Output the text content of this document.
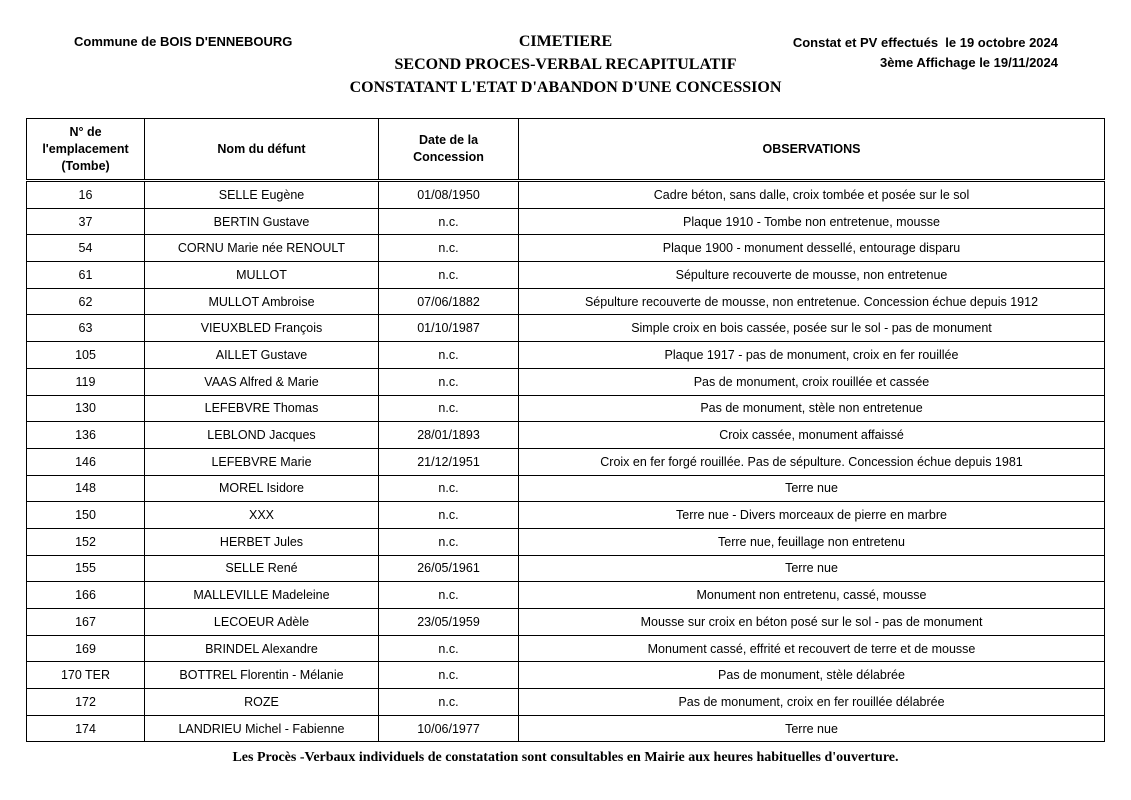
Commune de BOIS D'ENNEBOURG	CIMETIERE
SECOND PROCES-VERBAL RECAPITULATIF
CONSTATANT L'ETAT D'ABANDON D'UNE CONCESSION
Constat et PV effectués  le 19 octobre 2024
3ème Affichage le 19/11/2024
N° de l'emplacement (Tombe)	Nom du défunt	Date de la Concession	OBSERVATIONS
16	SELLE Eugène	01/08/1950	Cadre béton, sans dalle, croix tombée et posée sur le sol
37	BERTIN Gustave	n.c.	Plaque 1910 - Tombe non entretenue, mousse
54	CORNU Marie née RENOULT	n.c.	Plaque 1900 - monument dessellé, entourage disparu
61	MULLOT	n.c.	Sépulture recouverte de mousse, non entretenue
62	MULLOT Ambroise	07/06/1882	Sépulture recouverte de mousse, non entretenue. Concession échue depuis 1912
63	VIEUXBLED François	01/10/1987	Simple croix en bois cassée, posée sur le sol - pas de monument
105	AILLET Gustave	n.c.	Plaque 1917 - pas de monument, croix en fer rouillée
119	VAAS Alfred & Marie	n.c.	Pas de monument, croix rouillée et cassée
130	LEFEBVRE Thomas	n.c.	Pas de monument, stèle non entretenue
136	LEBLOND Jacques	28/01/1893	Croix cassée, monument affaissé
146	LEFEBVRE Marie	21/12/1951	Croix en fer forgé rouillée. Pas de sépulture. Concession échue depuis 1981
148	MOREL Isidore	n.c.	Terre nue
150	XXX	n.c.	Terre nue - Divers morceaux de pierre en marbre
152	HERBET Jules	n.c.	Terre nue, feuillage non entretenu
155	SELLE René	26/05/1961	Terre nue
166	MALLEVILLE Madeleine	n.c.	Monument non entretenu, cassé, mousse
167	LECOEUR Adèle	23/05/1959	Mousse sur croix en béton posé sur le sol - pas de monument
169	BRINDEL Alexandre	n.c.	Monument cassé, effrité et recouvert de terre et de mousse
170 TER	BOTTREL Florentin - Mélanie	n.c.	Pas de monument, stèle délabrée
172	ROZE	n.c.	Pas de monument, croix en fer rouillée délabrée
174	LANDRIEU Michel - Fabienne	10/06/1977	Terre nue
Les Procès -Verbaux individuels de constatation sont consultables en Mairie aux heures habituelles d'ouverture.
